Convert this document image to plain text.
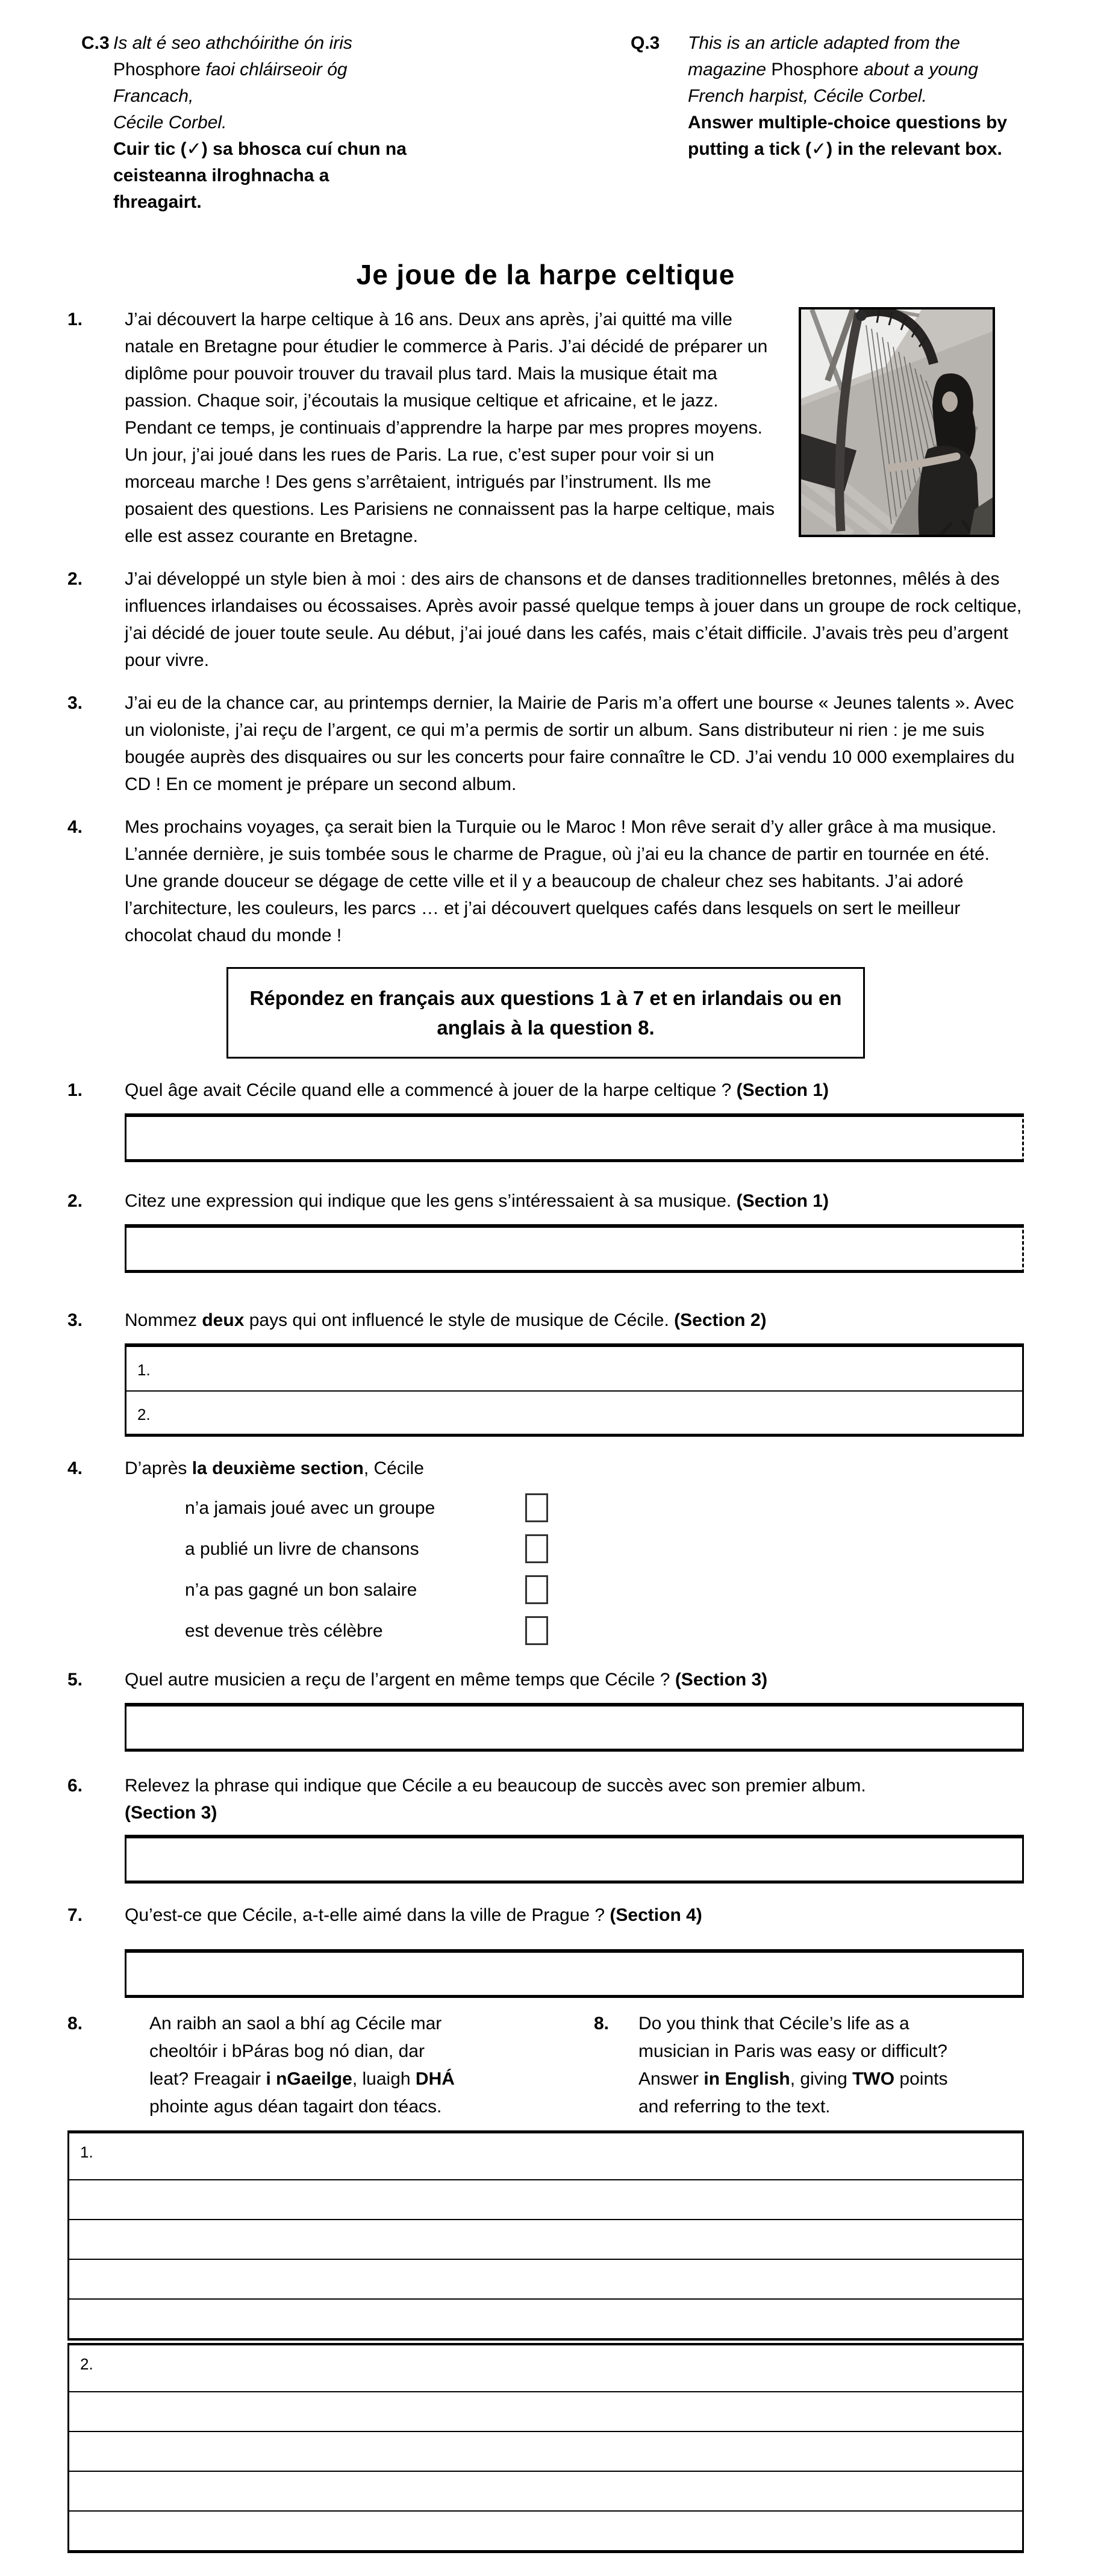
C.3 Is alt é seo athchóirithe ón iris
Phosphore faoi chláirseoir óg Francach,
Cécile Corbel.
Cuir tic (✓) sa bhosca cuí chun na
ceisteanna ilroghnacha a fhreagairt.
Q.3	This is an article adapted from the
magazine Phosphore about a young
French harpist, Cécile Corbel.
Answer multiple-choice questions by
putting a tick (✓) in the relevant box.
Je joue de la harpe celtique
1.	J’ai découvert la harpe celtique à 16 ans. Deux ans après, j’ai quitté ma ville natale en Bretagne pour étudier le commerce à Paris. J’ai décidé de préparer un diplôme pour pouvoir trouver du travail plus tard. Mais la musique était ma passion. Chaque soir, j’écoutais la musique celtique et africaine, et le jazz. Pendant ce temps, je continuais d’apprendre la harpe par mes propres moyens. Un jour, j’ai joué dans les rues de Paris. La rue, c’est super pour voir si un morceau marche ! Des gens s’arrêtaient, intrigués par l’instrument. Ils me posaient des questions. Les Parisiens ne connaissent pas la harpe celtique, mais elle est assez courante en Bretagne.
2.	J’ai développé un style bien à moi : des airs de chansons et de danses traditionnelles bretonnes, mêlés à des influences irlandaises ou écossaises. Après avoir passé quelque temps à jouer dans un groupe de rock celtique, j’ai décidé de jouer toute seule. Au début, j’ai joué dans les cafés, mais c’était difficile. J’avais très peu d’argent pour vivre.
3.	J’ai eu de la chance car, au printemps dernier, la Mairie de Paris m’a offert une bourse « Jeunes talents ». Avec un violoniste, j’ai reçu de l’argent, ce qui m’a permis de sortir un album. Sans distributeur ni rien : je me suis bougée auprès des disquaires ou sur les concerts pour faire connaître le CD. J’ai vendu 10 000 exemplaires du CD ! En ce moment je prépare un second album.
4.	Mes prochains voyages, ça serait bien la Turquie ou le Maroc ! Mon rêve serait d’y aller grâce à ma musique. L’année dernière, je suis tombée sous le charme de Prague, où j’ai eu la chance de partir en tournée en été. Une grande douceur se dégage de cette ville et il y a beaucoup de chaleur chez ses habitants. J’ai adoré l’architecture, les couleurs, les parcs … et j’ai découvert quelques cafés dans lesquels on sert le meilleur chocolat chaud du monde !
Répondez en français aux questions 1 à 7 et en irlandais ou en anglais à la question 8.
1.	Quel âge avait Cécile quand elle a commencé à jouer de la harpe celtique ? (Section 1)
2.	Citez une expression qui indique que les gens s’intéressaient à sa musique. (Section 1)
3.	Nommez deux pays qui ont influencé le style de musique de Cécile. (Section 2)
1.
2.
4.	D’après la deuxième section, Cécile
n’a jamais joué avec un groupe
a publié un livre de chansons
n’a pas gagné un bon salaire
est devenue très célèbre
5.	Quel autre musicien a reçu de l’argent en même temps que Cécile ? (Section 3)
6.	Relevez la phrase qui indique que Cécile a eu beaucoup de succès avec son premier album.
(Section 3)
7.	Qu’est-ce que Cécile, a-t-elle aimé dans la ville de Prague ? (Section 4)
8.	An raibh an saol a bhí ag Cécile mar cheoltóir i bPáras bog nó dian, dar leat? Freagair i nGaeilge, luaigh DHÁ phointe agus déan tagairt don téacs.
8.	Do you think that Cécile’s life as a musician in Paris was easy or difficult? Answer in English, giving TWO points and referring to the text.
1.
2.
